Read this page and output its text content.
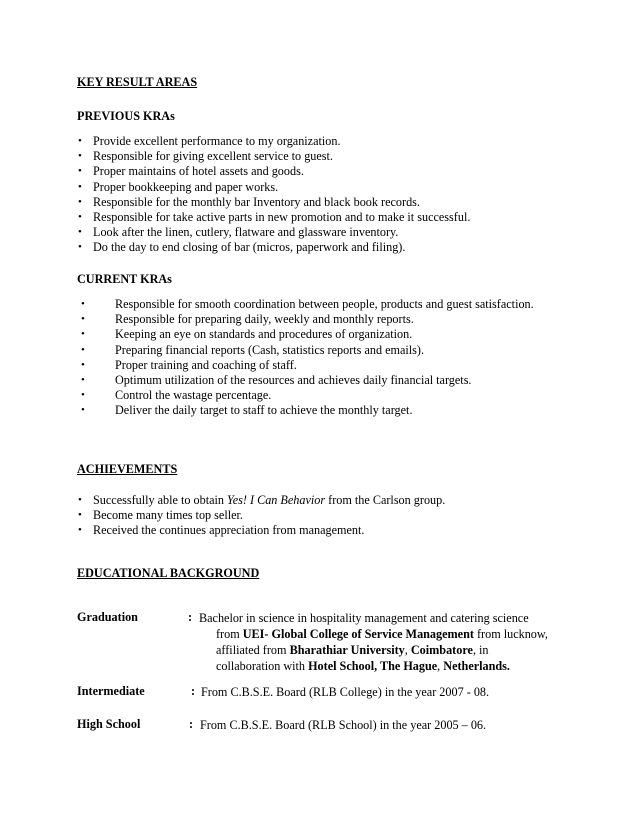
KEY RESULT AREAS
PREVIOUS KRAs
• Provide excellent performance to my organization.
• Responsible for giving excellent service to guest.
• Proper maintains of hotel assets and goods.
• Proper bookkeeping and paper works.
• Responsible for the monthly bar Inventory and black book records.
• Responsible for take active parts in new promotion and to make it successful.
• Look after the linen, cutlery, flatware and glassware inventory.
• Do the day to end closing of bar (micros, paperwork and filing).
CURRENT KRAs
• Responsible for smooth coordination between people, products and guest satisfaction.
• Responsible for preparing daily, weekly and monthly reports.
• Keeping an eye on standards and procedures of organization.
• Preparing financial reports (Cash, statistics reports and emails).
• Proper training and coaching of staff.
• Optimum utilization of the resources and achieves daily financial targets.
• Control the wastage percentage.
• Deliver the daily target to staff to achieve the monthly target.
ACHIEVEMENTS
• Successfully able to obtain Yes! I Can Behavior from the Carlson group.
• Become many times top seller.
• Received the continues appreciation from management.
EDUCATIONAL BACKGROUND
Graduation	: Bachelor in science in hospitality management and catering science
from UEI- Global College of Service Management from lucknow,
affiliated from Bharathiar University, Coimbatore, in
collaboration with Hotel School, The Hague, Netherlands.
Intermediate	: From C.B.S.E. Board (RLB College) in the year 2007 - 08.
High School	: From C.B.S.E. Board (RLB School) in the year 2005 – 06.
